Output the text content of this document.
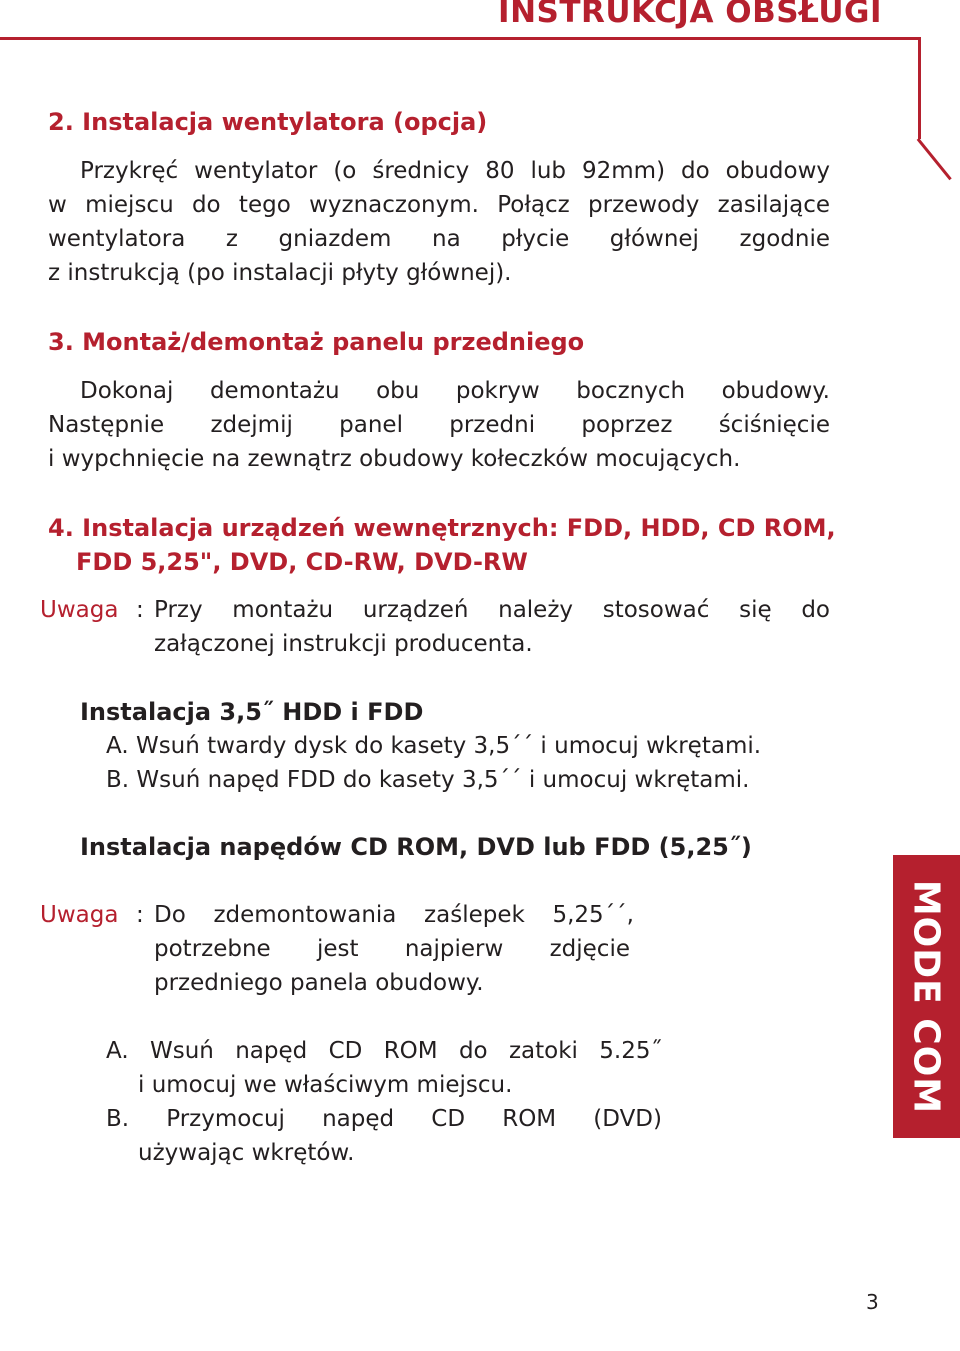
INSTRUKCJA OBSŁUGI
MODE COM
2. Instalacja wentylatora (opcja)
Przykręć wentylator (o średnicy 80 lub 92mm) do obudowy
w miejscu do tego wyznaczonym. Połącz przewody zasilające
wentylatora z gniazdem na płycie głównej zgodnie
z instrukcją (po instalacji płyty głównej).
3. Montaż/demontaż panelu przedniego
Dokonaj demontażu obu pokryw bocznych obudowy.
Następnie zdejmij panel przedni poprzez ściśnięcie
i wypchnięcie na zewnątrz obudowy kołeczków mocujących.
4. Instalacja urządzeń wewnętrznych: FDD, HDD, CD ROM,
FDD 5,25", DVD, CD-RW, DVD-RW
Uwaga : Przy montażu urządzeń należy stosować się do
załączonej instrukcji producenta.
Instalacja 3,5˝ HDD i FDD
A. Wsuń twardy dysk do kasety 3,5΄΄ i umocuj wkrętami.
B. Wsuń napęd FDD do kasety 3,5΄΄ i umocuj wkrętami.
Instalacja napędów CD ROM, DVD lub FDD (5,25˝)
Uwaga : Do zdemontowania zaślepek 5,25΄΄,
potrzebne jest najpierw zdjęcie
przedniego panela obudowy.
A. Wsuń napęd CD ROM do zatoki 5.25˝
i umocuj we właściwym miejscu.
B. Przymocuj napęd CD ROM (DVD)
używając wkrętów.
3
